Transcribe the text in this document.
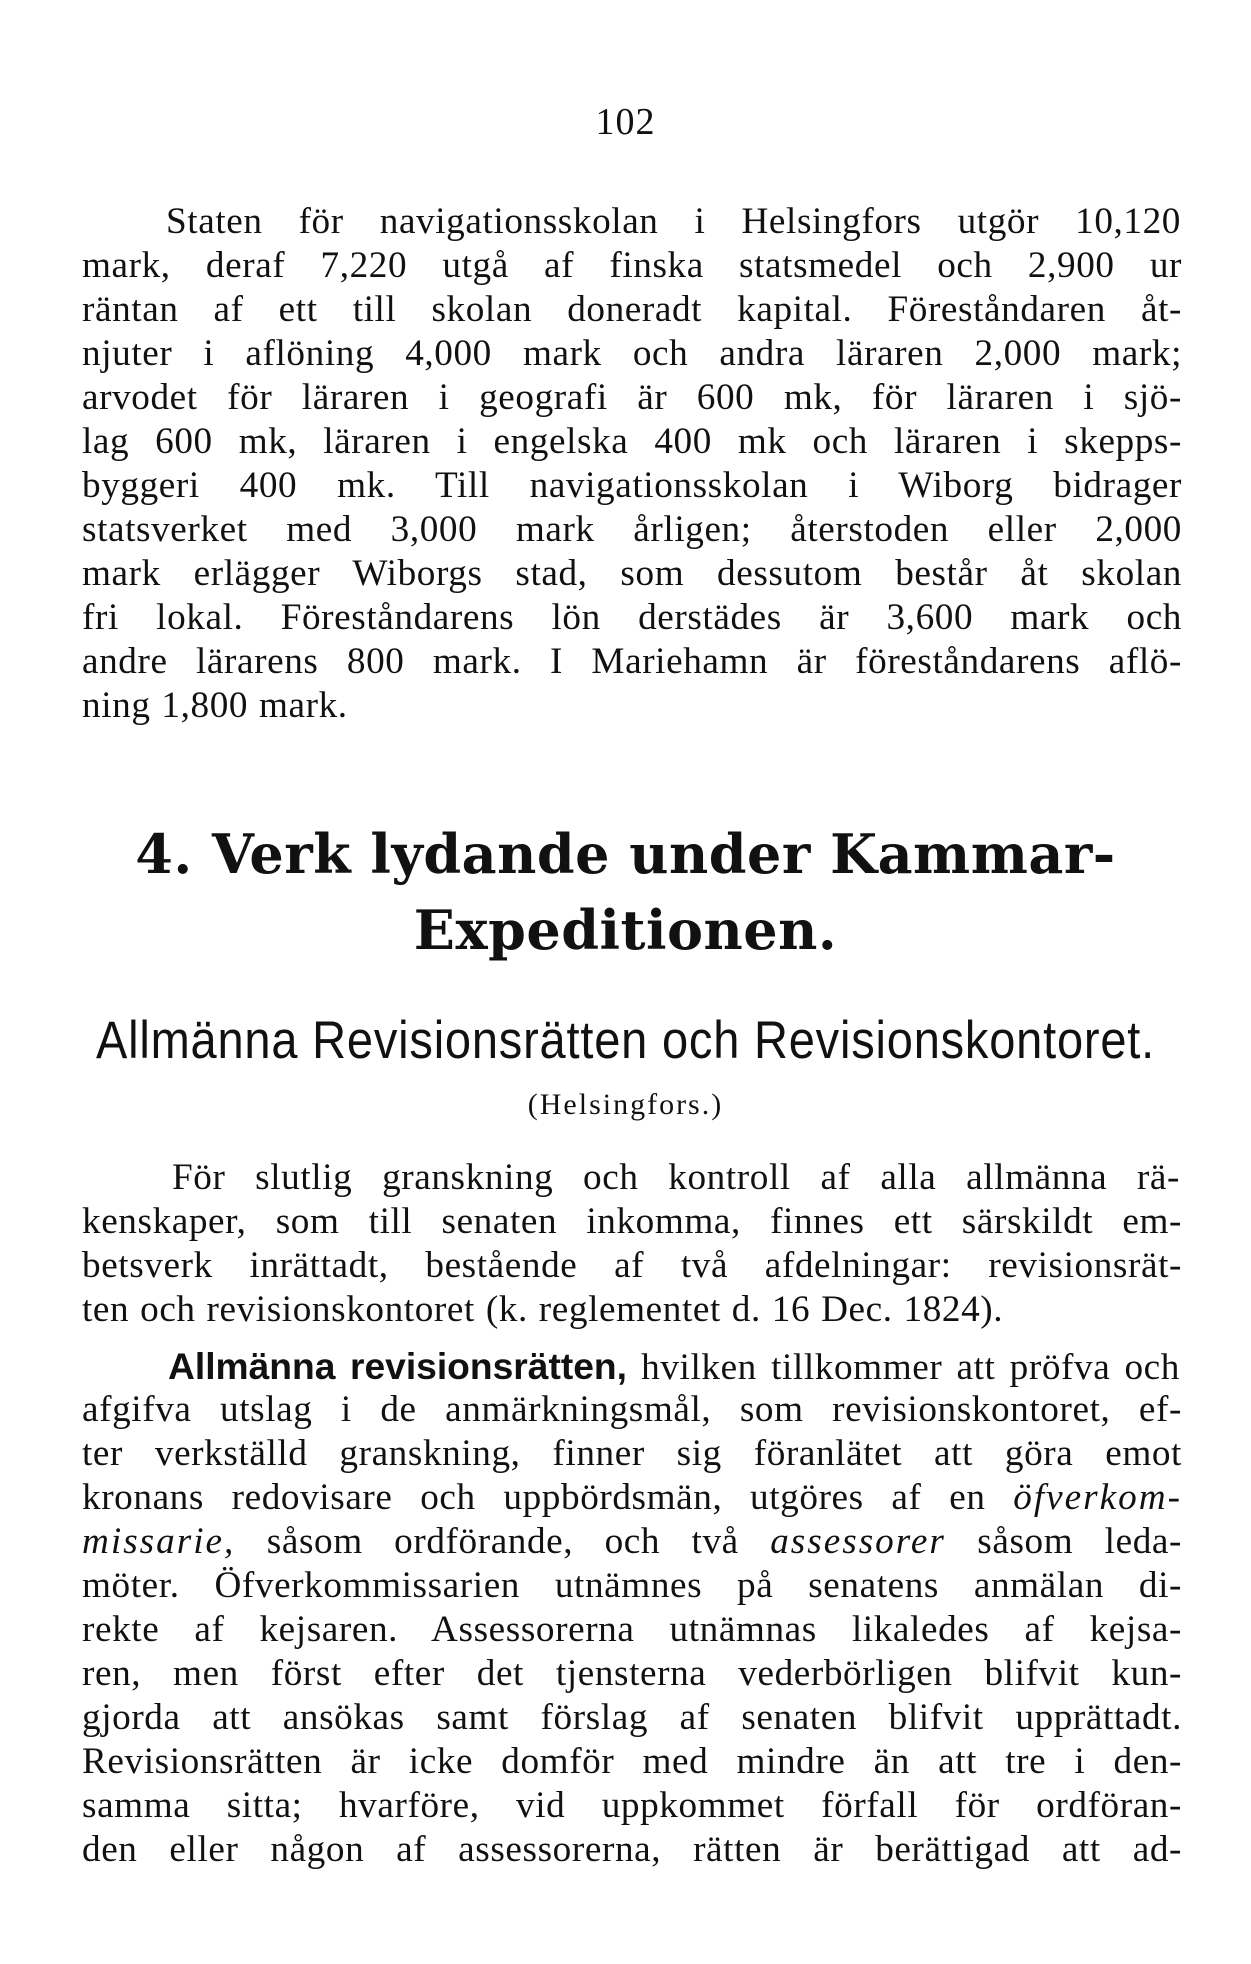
102
Staten för navigationsskolan i Helsingfors utgör 10,120
mark, deraf 7,220 utgå af finska statsmedel och 2,900 ur
räntan af ett till skolan doneradt kapital. Föreståndaren åt-
njuter i aflöning 4,000 mark och andra läraren 2,000 mark;
arvodet för läraren i geografi är 600 mk, för läraren i sjö-
lag 600 mk, läraren i engelska 400 mk och läraren i skepps-
byggeri 400 mk. Till navigationsskolan i Wiborg bidrager
statsverket med 3,000 mark årligen; återstoden eller 2,000
mark erlägger Wiborgs stad, som dessutom består åt skolan
fri lokal. Föreståndarens lön derstädes är 3,600 mark och
andre lärarens 800 mark. I Mariehamn är föreståndarens aflö-
ning 1,800 mark.
4. Verk lydande under Kammar-
Expeditionen.
Allmänna Revisionsrätten och Revisionskontoret.
(Helsingfors.)
För slutlig granskning och kontroll af alla allmänna rä-
kenskaper, som till senaten inkomma, finnes ett särskildt em-
betsverk inrättadt, bestående af två afdelningar: revisionsrät-
ten och revisionskontoret (k. reglementet d. 16 Dec. 1824).
Allmänna revisionsrätten, hvilken tillkommer att pröfva och
afgifva utslag i de anmärkningsmål, som revisionskontoret, ef-
ter verkställd granskning, finner sig föranlätet att göra emot
kronans redovisare och uppbördsmän, utgöres af en öfverkom-
missarie, såsom ordförande, och två assessorer såsom leda-
möter. Öfverkommissarien utnämnes på senatens anmälan di-
rekte af kejsaren. Assessorerna utnämnas likaledes af kejsa-
ren, men först efter det tjensterna vederbörligen blifvit kun-
gjorda att ansökas samt förslag af senaten blifvit upprättadt.
Revisionsrätten är icke domför med mindre än att tre i den-
samma sitta; hvarföre, vid uppkommet förfall för ordföran-
den eller någon af assessorerna, rätten är berättigad att ad-
